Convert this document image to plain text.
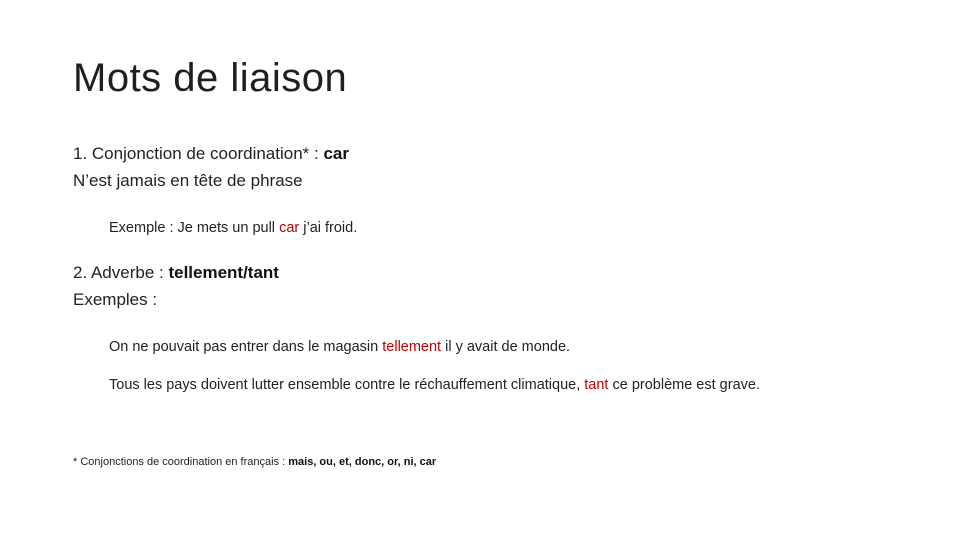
Mots de liaison
1. Conjonction de coordination* : car
N’est jamais en tête de phrase
Exemple : Je mets un pull car j’ai froid.
2. Adverbe : tellement/tant
Exemples :
On ne pouvait pas entrer dans le magasin tellement il y avait de monde.
Tous les pays doivent lutter ensemble contre le réchauffement climatique, tant ce problème est grave.
* Conjonctions de coordination en français : mais, ou, et, donc, or, ni, car
